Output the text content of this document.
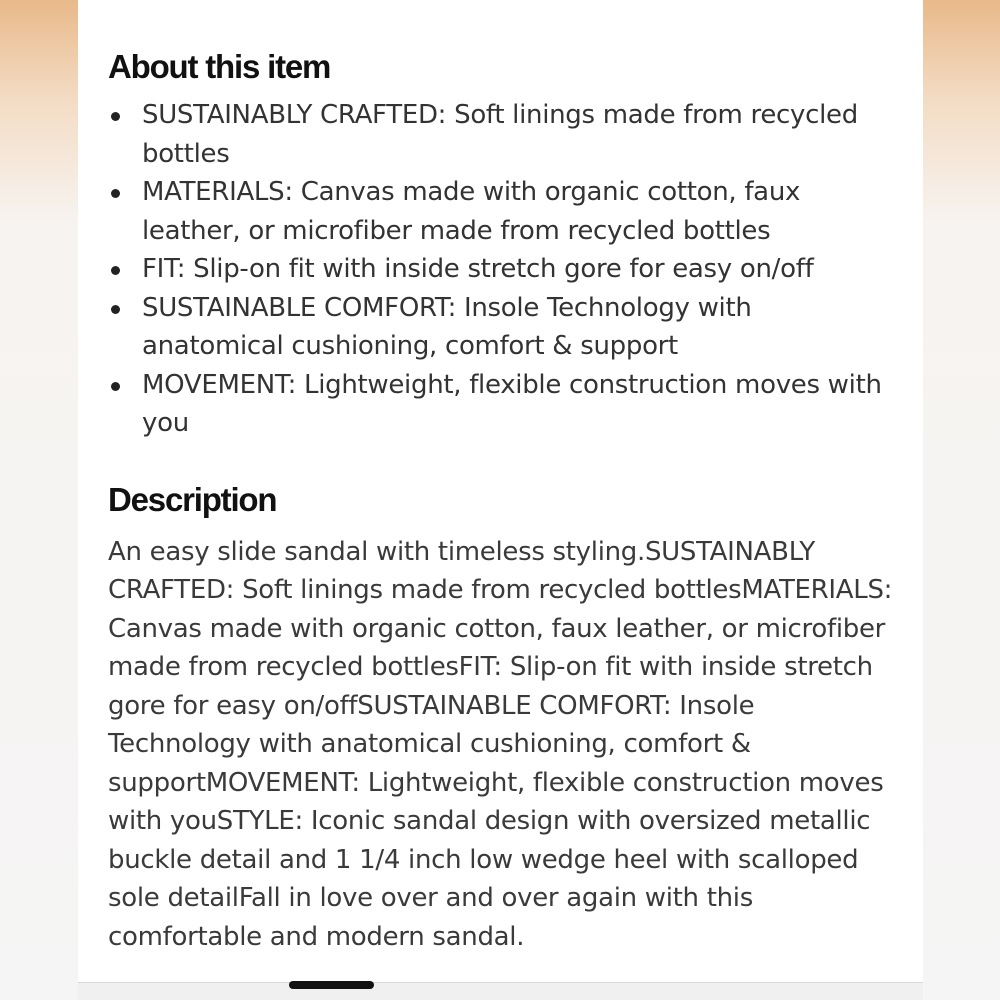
About this item
SUSTAINABLY CRAFTED: Soft linings made from recycled bottles
MATERIALS: Canvas made with organic cotton, faux leather, or microfiber made from recycled bottles
FIT: Slip-on fit with inside stretch gore for easy on/off
SUSTAINABLE COMFORT: Insole Technology with anatomical cushioning, comfort & support
MOVEMENT: Lightweight, flexible construction moves with you
Description

An easy slide sandal with timeless styling.SUSTAINABLY CRAFTED: Soft linings made from recycled bottlesMATERIALS: Canvas made with organic cotton, faux leather, or microfiber made from recycled bottlesFIT: Slip-on fit with inside stretch gore for easy on/offSUSTAINABLE COMFORT: Insole Technology with anatomical cushioning, comfort & supportMOVEMENT: Lightweight, flexible construction moves with youSTYLE: Iconic sandal design with oversized metallic buckle detail and 1 1/4 inch low wedge heel with scalloped sole detailFall in love over and over again with this comfortable and modern sandal.
